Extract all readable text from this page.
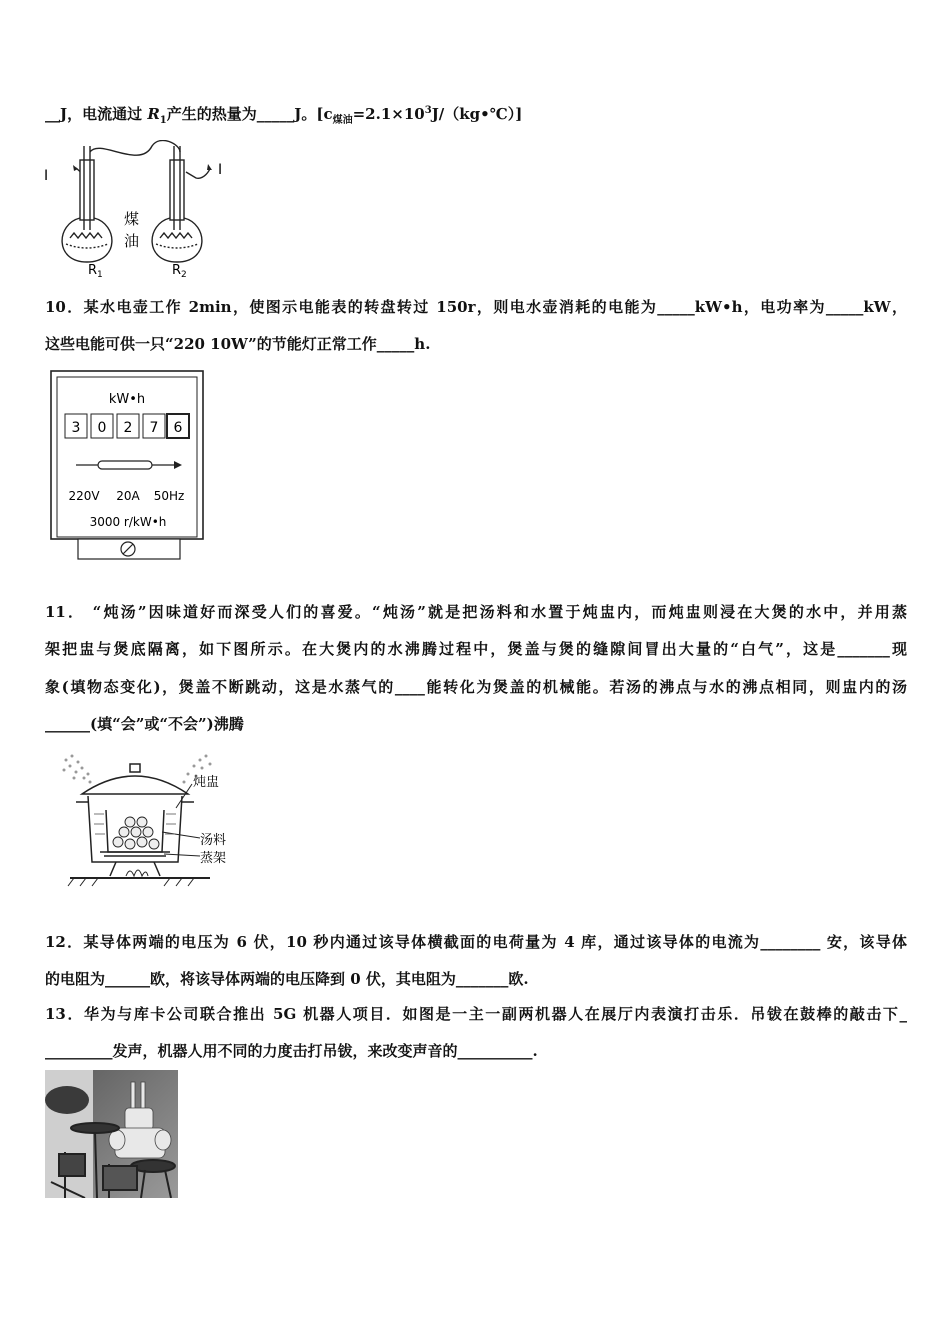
__J，电流通过 $R_1$产生的热量为_____J。$[c_{煤油}=2.1\times 10^3J/(kg•℃)]$
I	I
煤
油
$R_1$	$R_2$
10．某水电壶工作 2min，使图示电能表的转盘转过 150r，则电水壶消耗的电能为_____kW•h，电功率为_____kW，
这些电能可供一只“220 10W”的节能灯正常工作_____h.
kW•h
3 0 2 7 6
220V 20A 50Hz
3000 r/kW•h
11． “炖汤”因味道好而深受人们的喜爱。“炖汤”就是把汤料和水置于炖盅内，而炖盅则浸在大煲的水中，并用蒸
架把盅与煲底隔离，如下图所示。在大煲内的水沸腾过程中，煲盖与煲的缝隙间冒出大量的“白气”，这是_______现
象(填物态变化)，煲盖不断跳动，这是水蒸气的____能转化为煲盖的机械能。若汤的沸点与水的沸点相同，则盅内的汤
______(填“会”或“不会”)沸腾
炖盅
汤料
蒸架
12．某导体两端的电压为 6 伏，10 秒内通过该导体横截面的电荷量为 4 库，通过该导体的电流为________ 安，该导体
的电阻为______欧，将该导体两端的电压降到 0 伏，其电阻为_______欧.
13．华为与库卡公司联合推出 5G 机器人项目．如图是一主一副两机器人在展厅内表演打击乐．吊钹在鼓棒的敲击下_
_________发声，机器人用不同的力度击打吊钹，来改变声音的__________.
